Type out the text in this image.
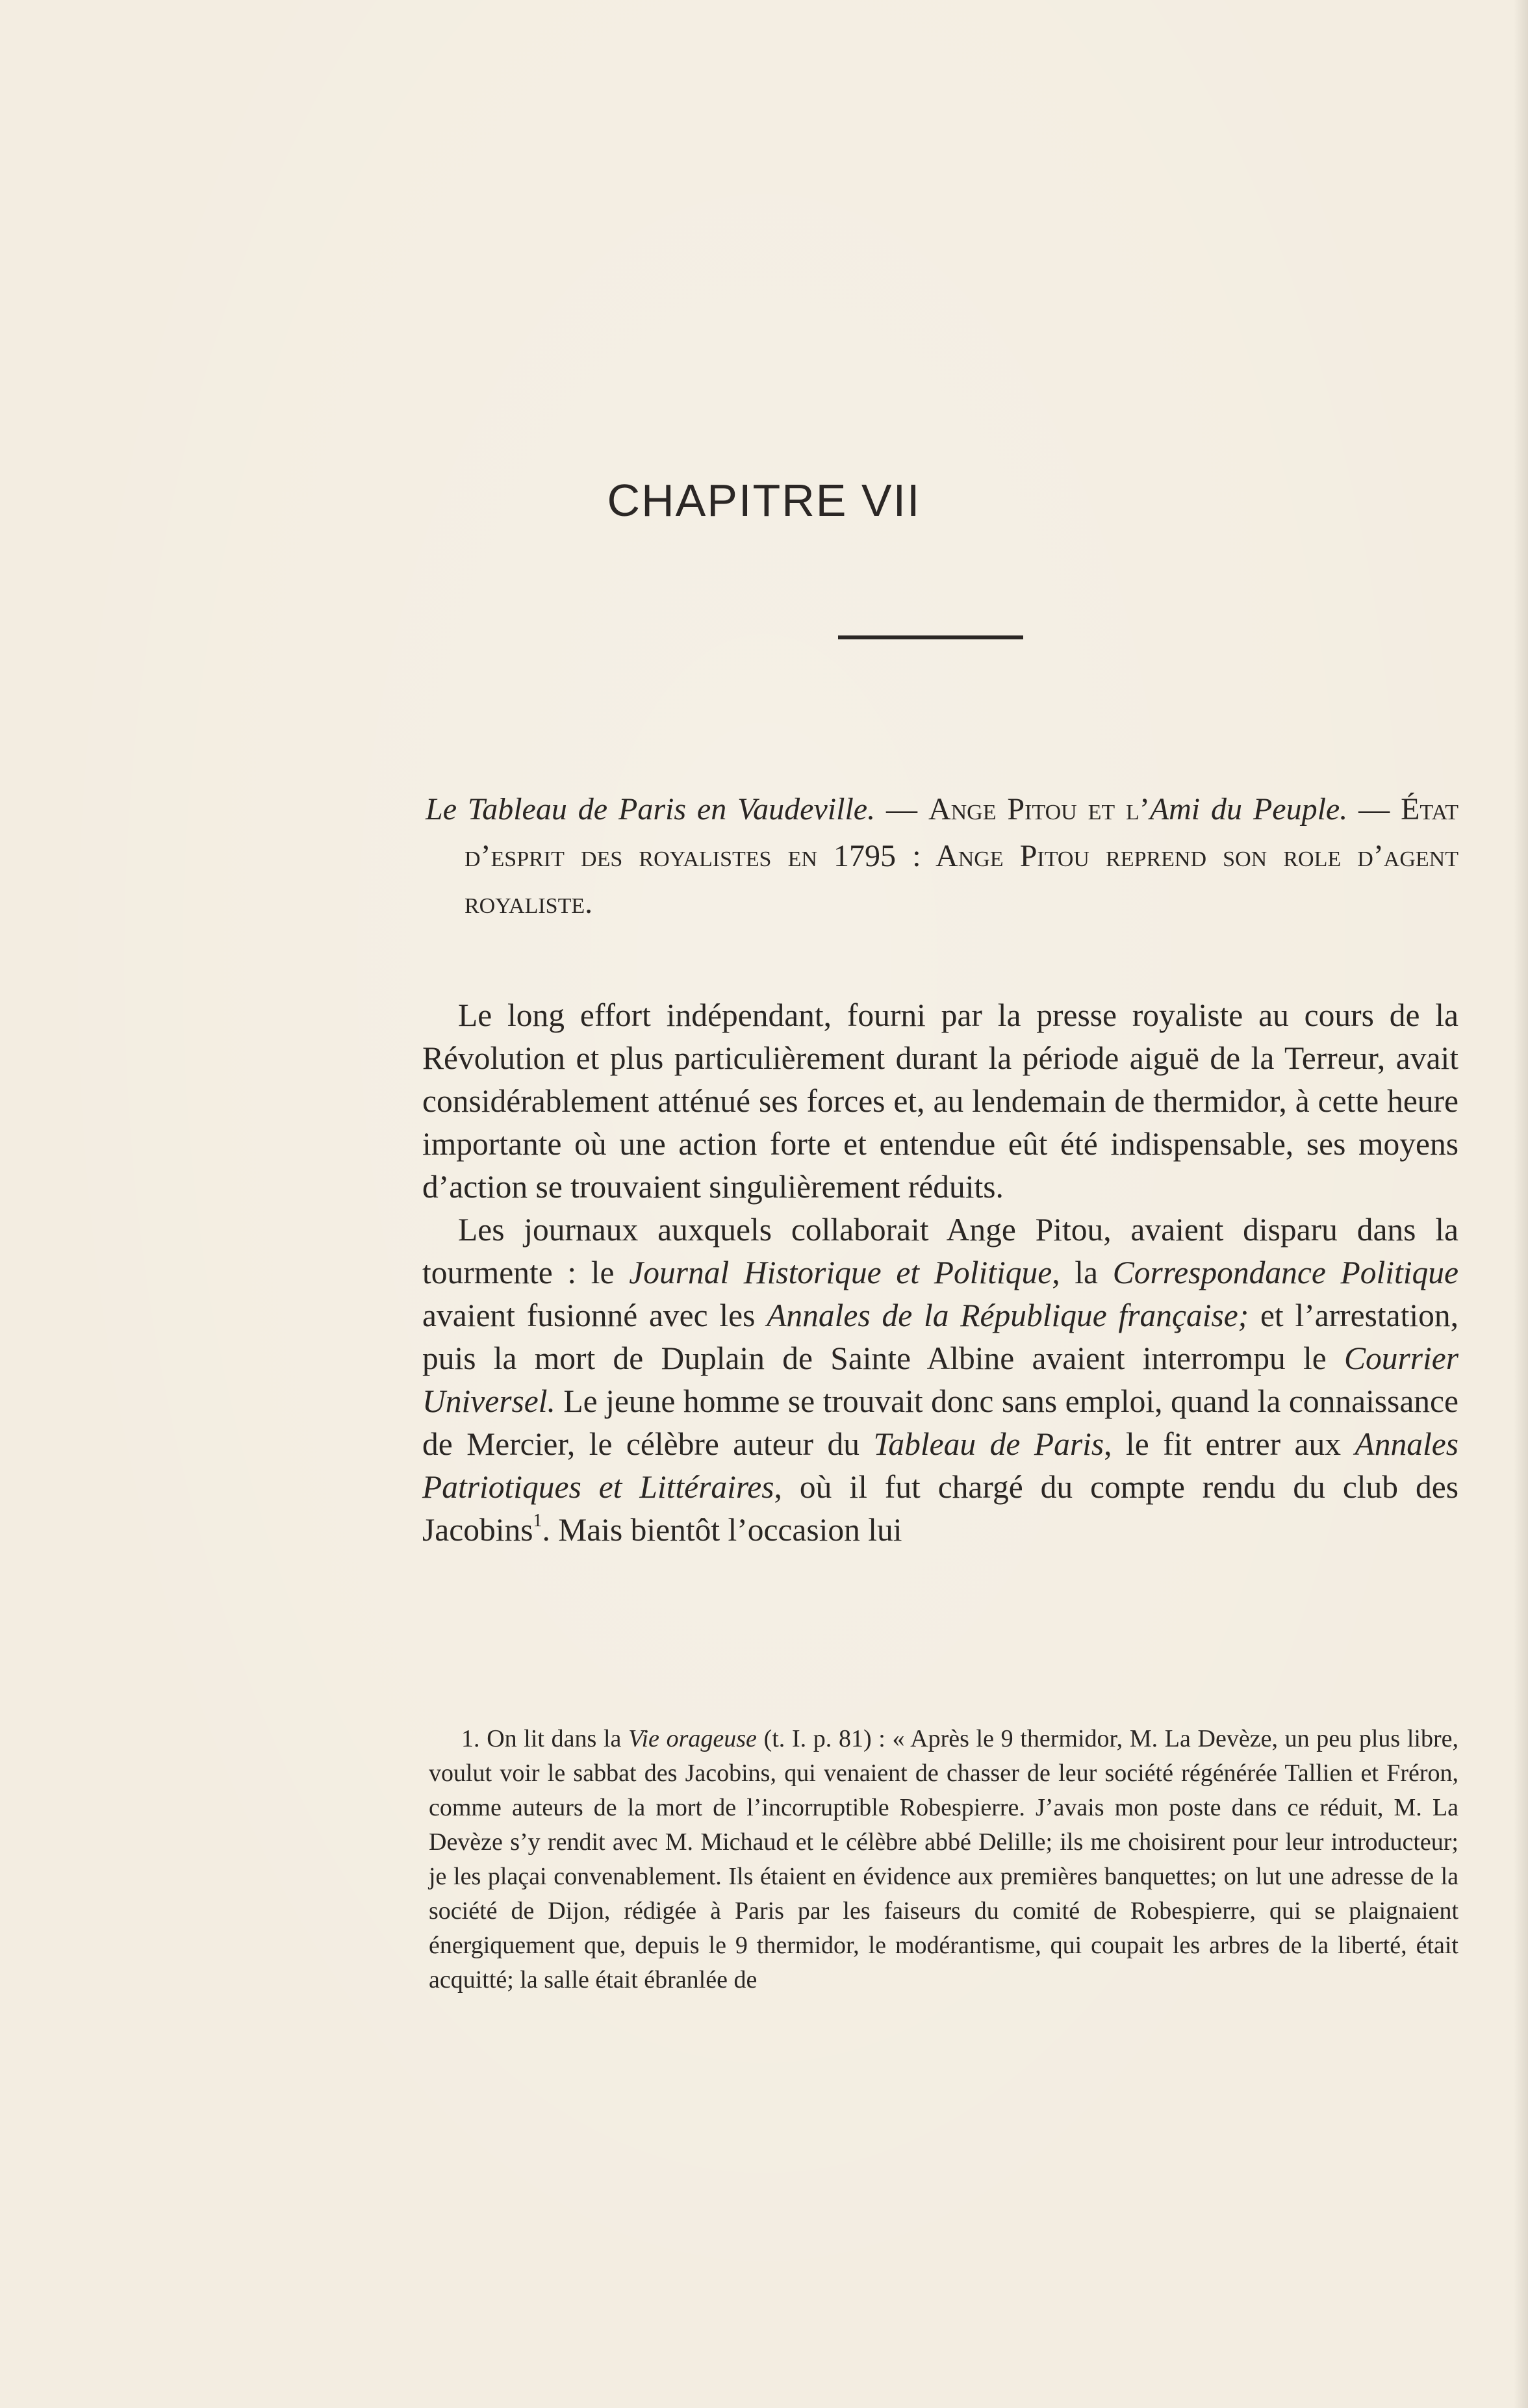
CHAPITRE VII
Le Tableau de Paris en Vaudeville. — Ange Pitou et l’Ami du Peuple. — État d’esprit des royalistes en 1795 : Ange Pitou reprend son role d’agent royaliste.

Le long effort indépendant, fourni par la presse royaliste au cours de la Révolution et plus particulièrement durant la période aiguë de la Terreur, avait considérablement atténué ses forces et, au lendemain de thermidor, à cette heure importante où une action forte et entendue eût été indispensable, ses moyens d’action se trouvaient singulièrement réduits.

Les journaux auxquels collaborait Ange Pitou, avaient disparu dans la tourmente : le Journal Historique et Politique, la Correspondance Politique avaient fusionné avec les Annales de la République française; et l’arrestation, puis la mort de Duplain de Sainte Albine avaient interrompu le Courrier Universel. Le jeune homme se trouvait donc sans emploi, quand la connaissance de Mercier, le célèbre auteur du Tableau de Paris, le fit entrer aux Annales Patriotiques et Littéraires, où il fut chargé du compte rendu du club des Jacobins$^1$. Mais bientôt l’occasion lui

1. On lit dans la Vie orageuse (t. I. p. 81) : « Après le 9 thermidor, M. La Devèze, un peu plus libre, voulut voir le sabbat des Jacobins, qui venaient de chasser de leur société régénérée Tallien et Fréron, comme auteurs de la mort de l’incorruptible Robespierre. J’avais mon poste dans ce réduit, M. La Devèze s’y rendit avec M. Michaud et le célèbre abbé Delille; ils me choisirent pour leur introducteur; je les plaçai convenablement. Ils étaient en évidence aux premières banquettes; on lut une adresse de la société de Dijon, rédigée à Paris par les faiseurs du comité de Robespierre, qui se plaignaient énergiquement que, depuis le 9 thermidor, le modérantisme, qui coupait les arbres de la liberté, était acquitté; la salle était ébranlée de
